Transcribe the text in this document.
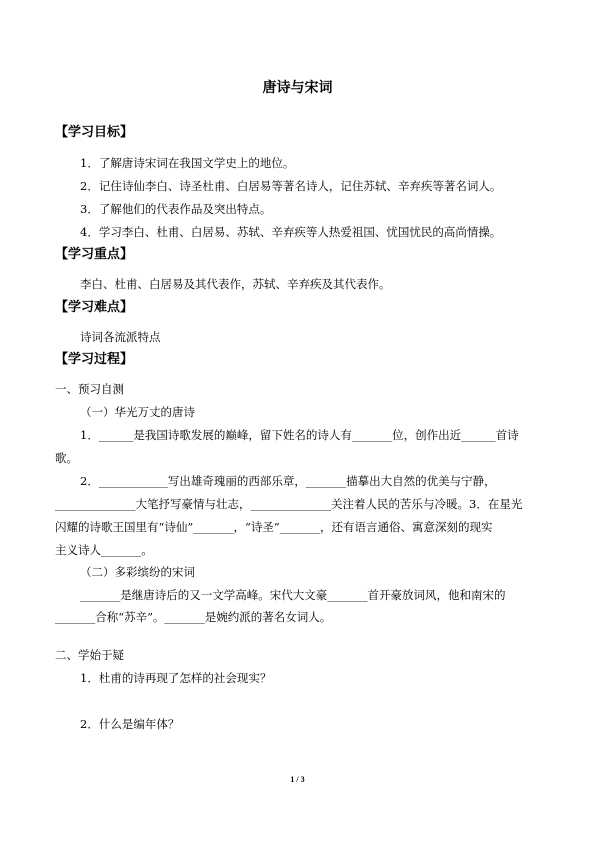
唐诗与宋词
【学习目标】
1．了解唐诗宋词在我国文学史上的地位。
2．记住诗仙李白、诗圣杜甫、白居易等著名诗人，记住苏轼、辛弃疾等著名词人。
3．了解他们的代表作品及突出特点。
4．学习李白、杜甫、白居易、苏轼、辛弃疾等人热爱祖国、忧国忧民的高尚情操。
【学习重点】
李白、杜甫、白居易及其代表作，苏轼、辛弃疾及其代表作。
【学习难点】
诗词各流派特点
【学习过程】
一、预习自测
（一）华光万丈的唐诗
1．______是我国诗歌发展的巅峰，留下姓名的诗人有_______位，创作出近______首诗
歌。
2．____________写出雄奇瑰丽的西部乐章，_______描摹出大自然的优美与宁静，
______________大笔抒写豪情与壮志，______________关注着人民的苦乐与冷暖。3．在星光
闪耀的诗歌王国里有“诗仙”_______，“诗圣”_______，还有语言通俗、寓意深刻的现实
主义诗人_______。
（二）多彩缤纷的宋词
_______是继唐诗后的又一文学高峰。宋代大文豪_______首开豪放词风，他和南宋的
_______合称“苏辛”。_______是婉约派的著名女词人。
二、学始于疑
1．杜甫的诗再现了怎样的社会现实？
2．什么是编年体？
1 / 3
